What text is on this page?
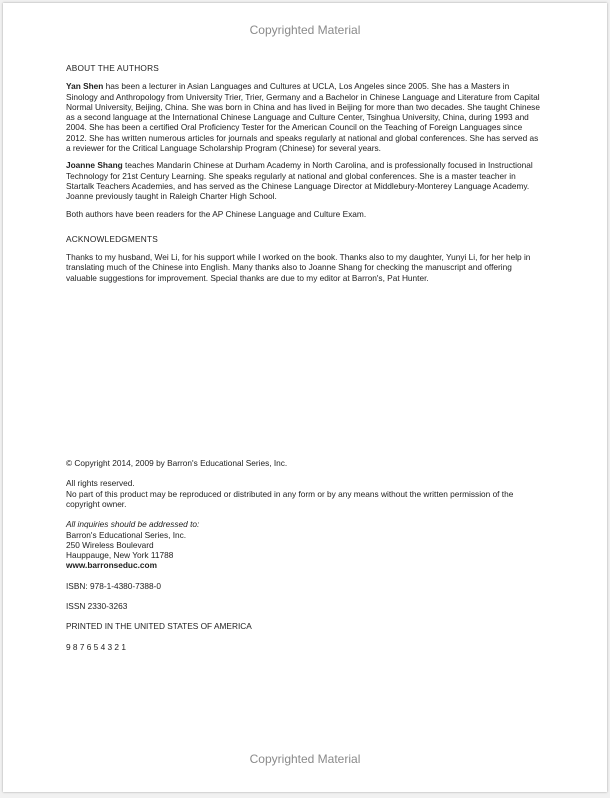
Copyrighted Material

ABOUT THE AUTHORS

Yan Shen has been a lecturer in Asian Languages and Cultures at UCLA, Los Angeles since 2005. She has a Masters in Sinology and Anthropology from University Trier, Trier, Germany and a Bachelor in Chinese Language and Literature from Capital Normal University, Beijing, China. She was born in China and has lived in Beijing for more than two decades. She taught Chinese as a second language at the International Chinese Language and Culture Center, Tsinghua University, China, during 1993 and 2004. She has been a certified Oral Proficiency Tester for the American Council on the Teaching of Foreign Languages since 2012. She has written numerous articles for journals and speaks regularly at national and global conferences. She has served as a reviewer for the Critical Language Scholarship Program (Chinese) for several years.

Joanne Shang teaches Mandarin Chinese at Durham Academy in North Carolina, and is professionally focused in Instructional Technology for 21st Century Learning. She speaks regularly at national and global conferences. She is a master teacher in Startalk Teachers Academies, and has served as the Chinese Language Director at Middlebury-Monterey Language Academy. Joanne previously taught in Raleigh Charter High School.

Both authors have been readers for the AP Chinese Language and Culture Exam.

ACKNOWLEDGMENTS

Thanks to my husband, Wei Li, for his support while I worked on the book. Thanks also to my daughter, Yunyi Li, for her help in translating much of the Chinese into English. Many thanks also to Joanne Shang for checking the manuscript and offering valuable suggestions for improvement. Special thanks are due to my editor at Barron's, Pat Hunter.

© Copyright 2014, 2009 by Barron's Educational Series, Inc.

All rights reserved.

No part of this product may be reproduced or distributed in any form or by any means without the written permission of the copyright owner.

All inquiries should be addressed to:

Barron's Educational Series, Inc.

250 Wireless Boulevard

Hauppauge, New York 11788

www.barronseduc.com

ISBN: 978-1-4380-7388-0

ISSN 2330-3263

PRINTED IN THE UNITED STATES OF AMERICA

9 8 7 6 5 4 3 2 1

Copyrighted Material
